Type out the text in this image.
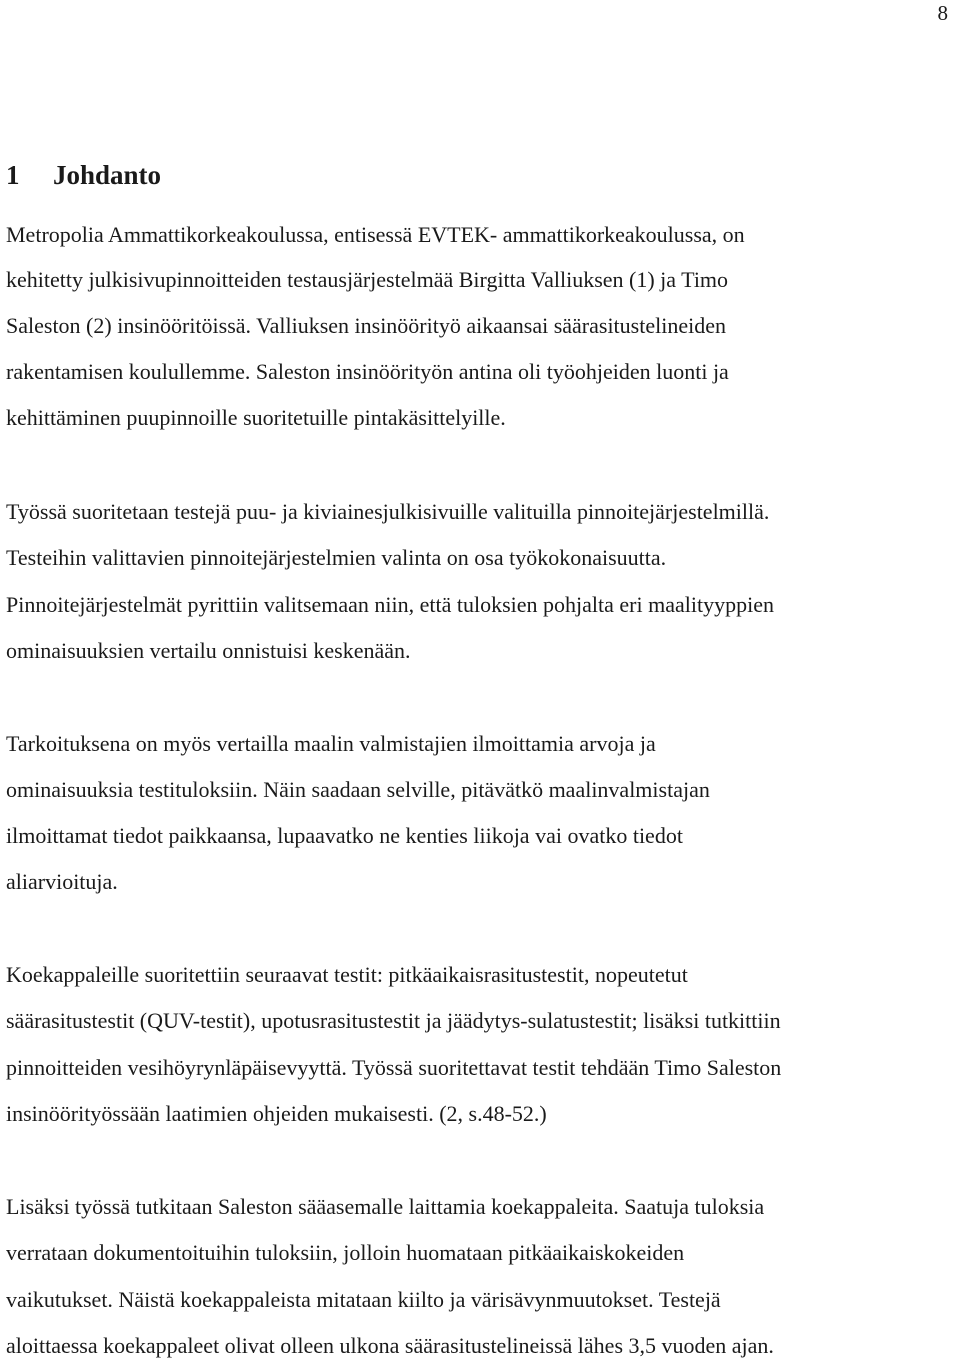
8
1 Johdanto
Metropolia Ammattikorkeakoulussa, entisessä EVTEK- ammattikorkeakoulussa, on
kehitetty julkisivupinnoitteiden testausjärjestelmää Birgitta Valliuksen (1) ja Timo
Saleston (2) insinööritöissä. Valliuksen insinöörityö aikaansai säärasitustelineiden
rakentamisen koulullemme. Saleston insinöörityön antina oli työohjeiden luonti ja
kehittäminen puupinnoille suoritetuille pintakäsittelyille.
Työssä suoritetaan testejä puu- ja kiviainesjulkisivuille valituilla pinnoitejärjestelmillä.
Testeihin valittavien pinnoitejärjestelmien valinta on osa työkokonaisuutta.
Pinnoitejärjestelmät pyrittiin valitsemaan niin, että tuloksien pohjalta eri maalityyppien
ominaisuuksien vertailu onnistuisi keskenään.
Tarkoituksena on myös vertailla maalin valmistajien ilmoittamia arvoja ja
ominaisuuksia testituloksiin. Näin saadaan selville, pitävätkö maalinvalmistajan
ilmoittamat tiedot paikkaansa, lupaavatko ne kenties liikoja vai ovatko tiedot
aliarvioituja.
Koekappaleille suoritettiin seuraavat testit: pitkäaikaisrasitustestit, nopeutetut
säärasitustestit (QUV-testit), upotusrasitustestit ja jäädytys-sulatustestit; lisäksi tutkittiin
pinnoitteiden vesihöyrynläpäisevyyttä. Työssä suoritettavat testit tehdään Timo Saleston
insinöörityössään laatimien ohjeiden mukaisesti. (2, s.48-52.)
Lisäksi työssä tutkitaan Saleston sääasemalle laittamia koekappaleita. Saatuja tuloksia
verrataan dokumentoituihin tuloksiin, jolloin huomataan pitkäaikaiskokeiden
vaikutukset. Näistä koekappaleista mitataan kiilto ja värisävynmuutokset. Testejä
aloittaessa koekappaleet olivat olleen ulkona säärasitustelineissä lähes 3,5 vuoden ajan.
